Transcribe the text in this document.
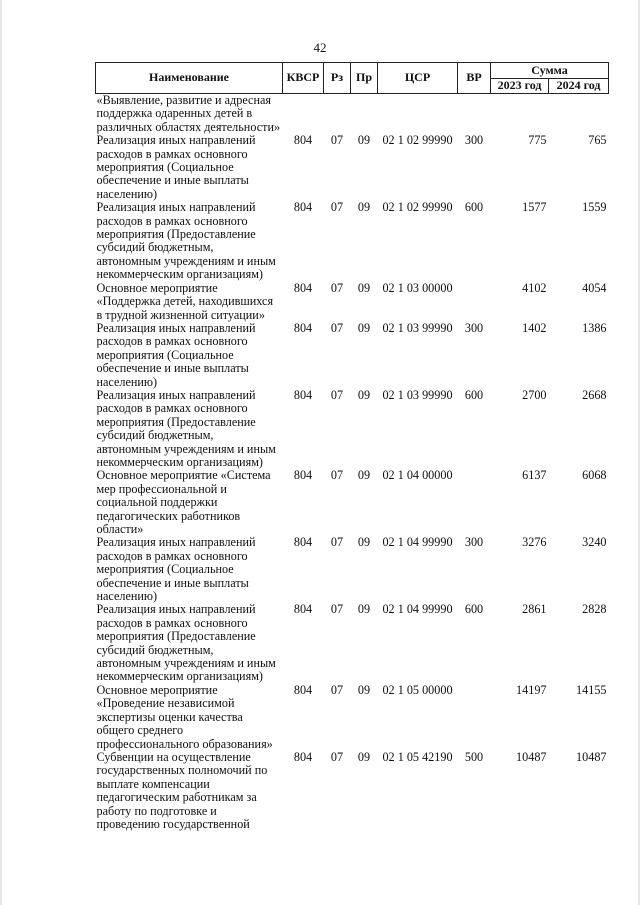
42
Наименование	КВСР	Рз	Пр	ЦСР	ВР	Сумма	
						2023 год	2024 год
«Выявление, развитие и адресная поддержка одаренных детей в различных областях деятельности»							
Реализация иных направлений расходов в рамках основного мероприятия (Социальное обеспечение и иные выплаты населению)	804	07	09	02 1 02 99990	300	775	765
Реализация иных направлений расходов в рамках основного мероприятия (Предоставление субсидий бюджетным, автономным учреждениям и иным некоммерческим организациям)	804	07	09	02 1 02 99990	600	1577	1559
Основное мероприятие «Поддержка детей, находившихся в трудной жизненной ситуации»	804	07	09	02 1 03 00000		4102	4054
Реализация иных направлений расходов в рамках основного мероприятия (Социальное обеспечение и иные выплаты населению)	804	07	09	02 1 03 99990	300	1402	1386
Реализация иных направлений расходов в рамках основного мероприятия (Предоставление субсидий бюджетным, автономным учреждениям и иным некоммерческим организациям)	804	07	09	02 1 03 99990	600	2700	2668
Основное мероприятие «Система мер профессиональной и социальной поддержки педагогических работников области»	804	07	09	02 1 04 00000		6137	6068
Реализация иных направлений расходов в рамках основного мероприятия (Социальное обеспечение и иные выплаты населению)	804	07	09	02 1 04 99990	300	3276	3240
Реализация иных направлений расходов в рамках основного мероприятия (Предоставление субсидий бюджетным, автономным учреждениям и иным некоммерческим организациям)	804	07	09	02 1 04 99990	600	2861	2828
Основное мероприятие «Проведение независимой экспертизы оценки качества общего среднего профессионального образования»	804	07	09	02 1 05 00000		14197	14155
Субвенции на осуществление государственных полномочий по выплате компенсации педагогическим работникам за работу по подготовке и проведению государственной	804	07	09	02 1 05 42190	500	10487	10487
